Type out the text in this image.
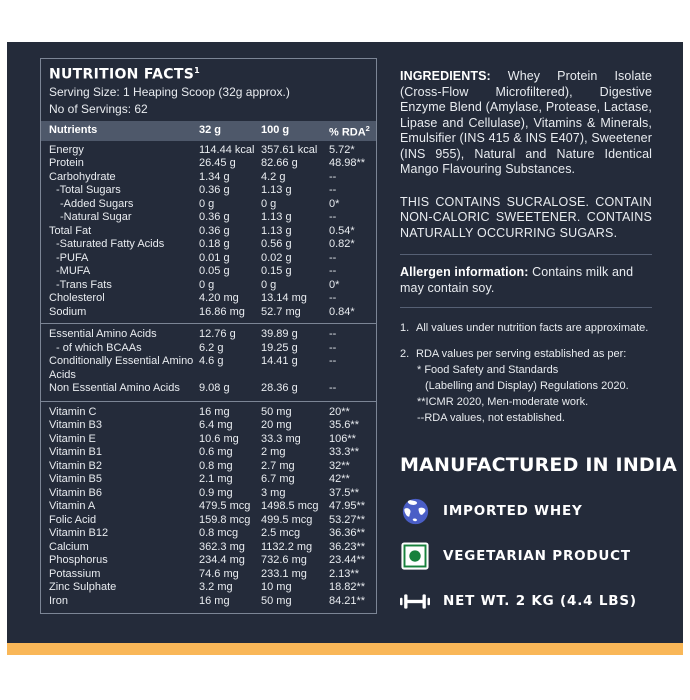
NUTRITION FACTS$^1$
Serving Size: 1 Heaping Scoop (32g approx.)
No of Servings: 62
Nutrients	32 g	100 g	% RDA$^2$
Energy	114.44 kcal 357.61 kcal	5.72*
Protein	26.45 g	82.66 g	48.98**
Carbohydrate	1.34 g	4.2 g	--
-Total Sugars	0.36 g	1.13 g	--
-Added Sugars	0 g	0 g	0*
-Natural Sugar	0.36 g	1.13 g	--
Total Fat	0.36 g	1.13 g	0.54*
-Saturated Fatty Acids	0.18 g	0.56 g	0.82*
-PUFA	0.01 g	0.02 g	--
-MUFA	0.05 g	0.15 g	--
-Trans Fats	0 g	0 g	0*
Cholesterol	4.20 mg	13.14 mg	--
Sodium	16.86 mg	52.7 mg	0.84*
Essential Amino Acids	12.76 g	39.89 g	--
- of which BCAAs	6.2 g	19.25 g	--
Conditionally Essential Amino Acids
4.6 g	14.41 g	--
Non Essential Amino Acids	9.08 g	28.36 g	--
Vitamin C	16 mg	50 mg	20**
Vitamin B3	6.4 mg	20 mg	35.6**
Vitamin E	10.6 mg	33.3 mg	106**
Vitamin B1	0.6 mg	2 mg	33.3**
Vitamin B2	0.8 mg	2.7 mg	32**
Vitamin B5	2.1 mg	6.7 mg	42**
Vitamin B6	0.9 mg	3 mg	37.5**
Vitamin A	479.5 mcg 1498.5 mcg 47.95**
Folic Acid	159.8 mcg 499.5 mcg	53.27**
Vitamin B12	0.8 mcg	2.5 mcg	36.36**
Calcium	362.3 mg	1132.2 mg	36.23**
Phosphorus	234.4 mg	732.6 mg	23.44**
Potassium	74.6 mg	233.1 mg	2.13**
Zinc Sulphate	3.2 mg	10 mg	18.82**
Iron	16 mg	50 mg	84.21**

INGREDIENTS: Whey Protein Isolate (Cross-Flow Microfiltered), Digestive Enzyme Blend (Amylase, Protease, Lactase, Lipase and Cellulase), Vitamins & Minerals, Emulsifier (INS 415 & INS E407), Sweetener (INS 955), Natural and Nature Identical Mango Flavouring Substances.

THIS CONTAINS SUCRALOSE. CONTAIN NON-CALORIC SWEETENER. CONTAINS NATURALLY OCCURRING SUGARS.

Allergen information: Contains milk and may contain soy.

1. All values under nutrition facts are approximate.
2. RDA values per serving established as per:
* Food Safety and Standards
(Labelling and Display) Regulations 2020.
**ICMR 2020, Men-moderate work.
--RDA values, not established.
MANUFACTURED IN INDIA
IMPORTED WHEY
VEGETARIAN PRODUCT
NET WT. 2 KG (4.4 LBS)
